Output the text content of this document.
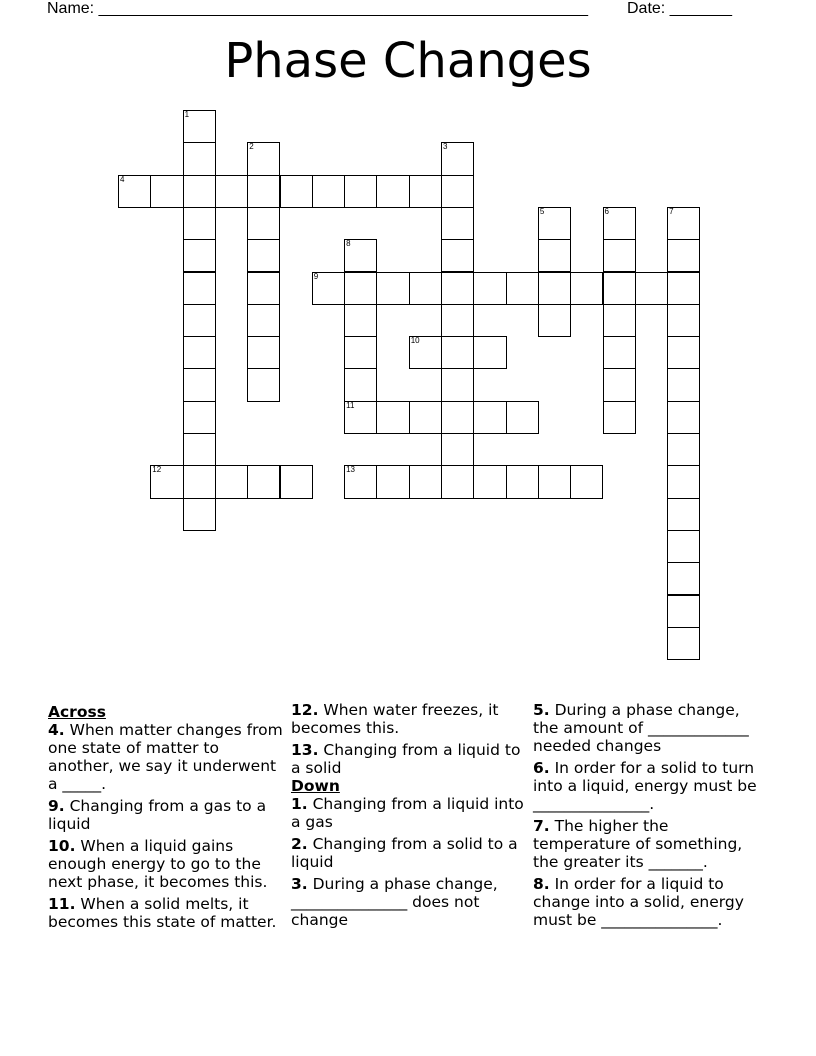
Name: _______________________________________________________ Date: _______
Phase Changes
1
2	3
4
5	6	7
8
9
10
11
12	13
Across
4. When matter changes from one state of matter to another, we say it underwent a _____.
9. Changing from a gas to a liquid
10. When a liquid gains enough energy to go to the next phase, it becomes this.
11. When a solid melts, it becomes this state of matter.
12. When water freezes, it becomes this.
13. Changing from a liquid to a solid
Down
1. Changing from a liquid into a gas
2. Changing from a solid to a liquid
3. During a phase change, _______________ does not change
5. During a phase change, the amount of _____________ needed changes
6. In order for a solid to turn into a liquid, energy must be _______________.
7. The higher the temperature of something, the greater its _______.
8. In order for a liquid to change into a solid, energy must be _______________.
